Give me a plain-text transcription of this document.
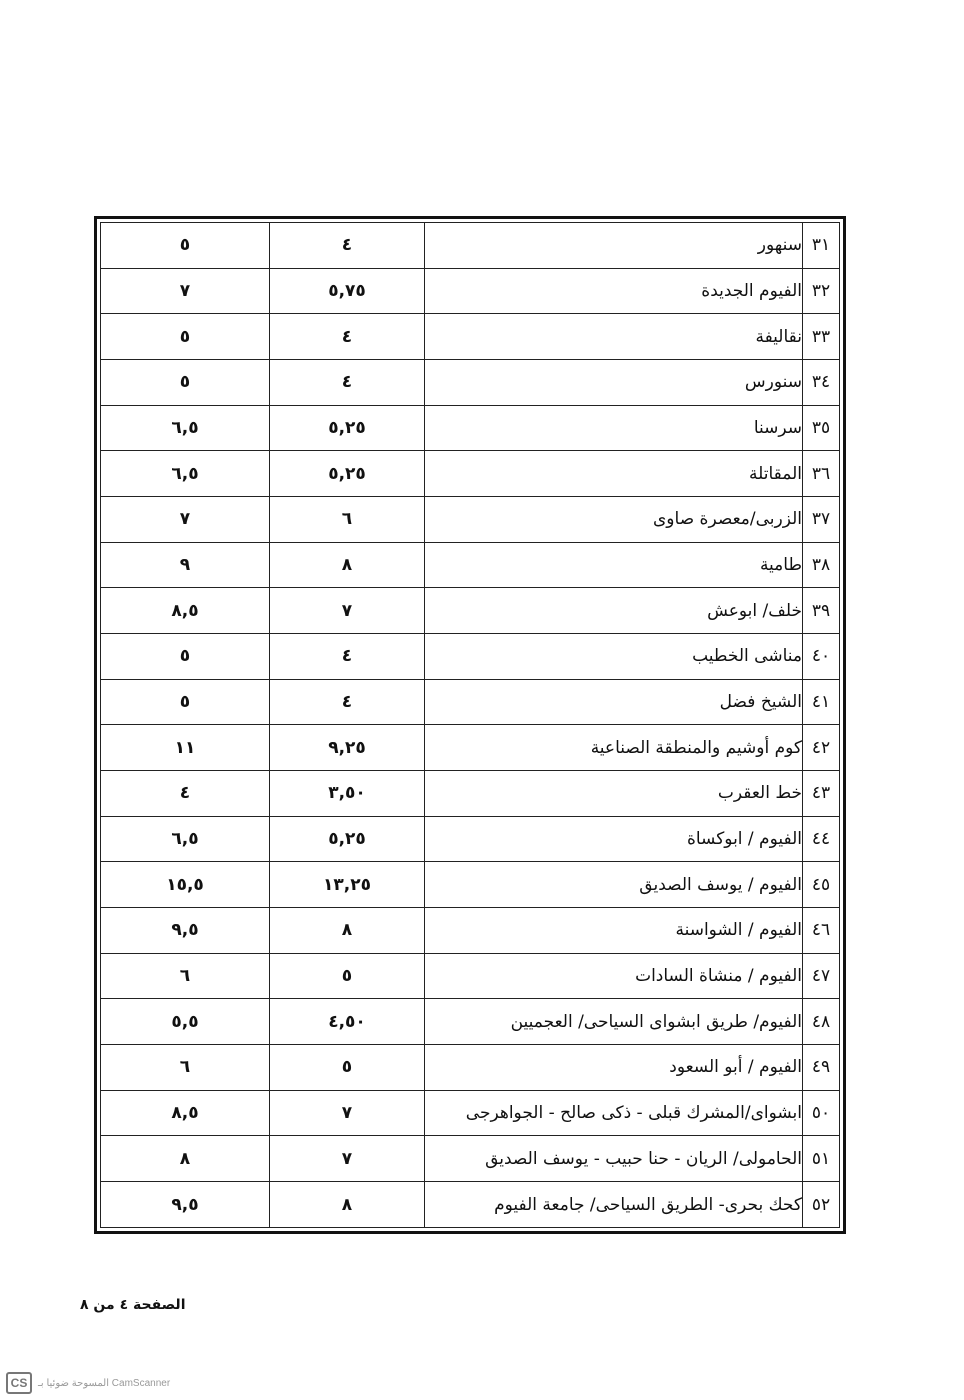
٣١	سنهور	٤	٥
٣٢	الفيوم الجديدة	٥,٧٥	٧
٣٣	نقاليفة	٤	٥
٣٤	سنورس	٤	٥
٣٥	سرسنا	٥,٢٥	٦,٥
٣٦	المقاتلة	٥,٢٥	٦,٥
٣٧	الزربى/معصرة صاوى	٦	٧
٣٨	طامية	٨	٩
٣٩	خلف/ ابوعش	٧	٨,٥
٤٠	مناشى الخطيب	٤	٥
٤١	الشيخ فضل	٤	٥
٤٢	كوم أوشيم والمنطقة الصناعية	٩,٢٥	١١
٤٣	خط العقرب	٣,٥٠	٤
٤٤	الفيوم / ابوكساة	٥,٢٥	٦,٥
٤٥	الفيوم / يوسف الصديق	١٣,٢٥	١٥,٥
٤٦	الفيوم / الشواسنة	٨	٩,٥
٤٧	الفيوم / منشاة السادات	٥	٦
٤٨	الفيوم/ طريق ابشواى السياحى/ العجميين	٤,٥٠	٥,٥
٤٩	الفيوم / أبو السعود	٥	٦
٥٠	ابشواى/المشرك قبلى - ذكى صالح - الجواهرجى	٧	٨,٥
٥١	الحامولى/ الريان - حنا حبيب - يوسف الصديق	٧	٨
٥٢	كحك بحرى- الطريق السياحى/ جامعة الفيوم	٨	٩,٥
الصفحة ٤ من ٨
CS	المسوحة ضوئيا بـ CamScanner
